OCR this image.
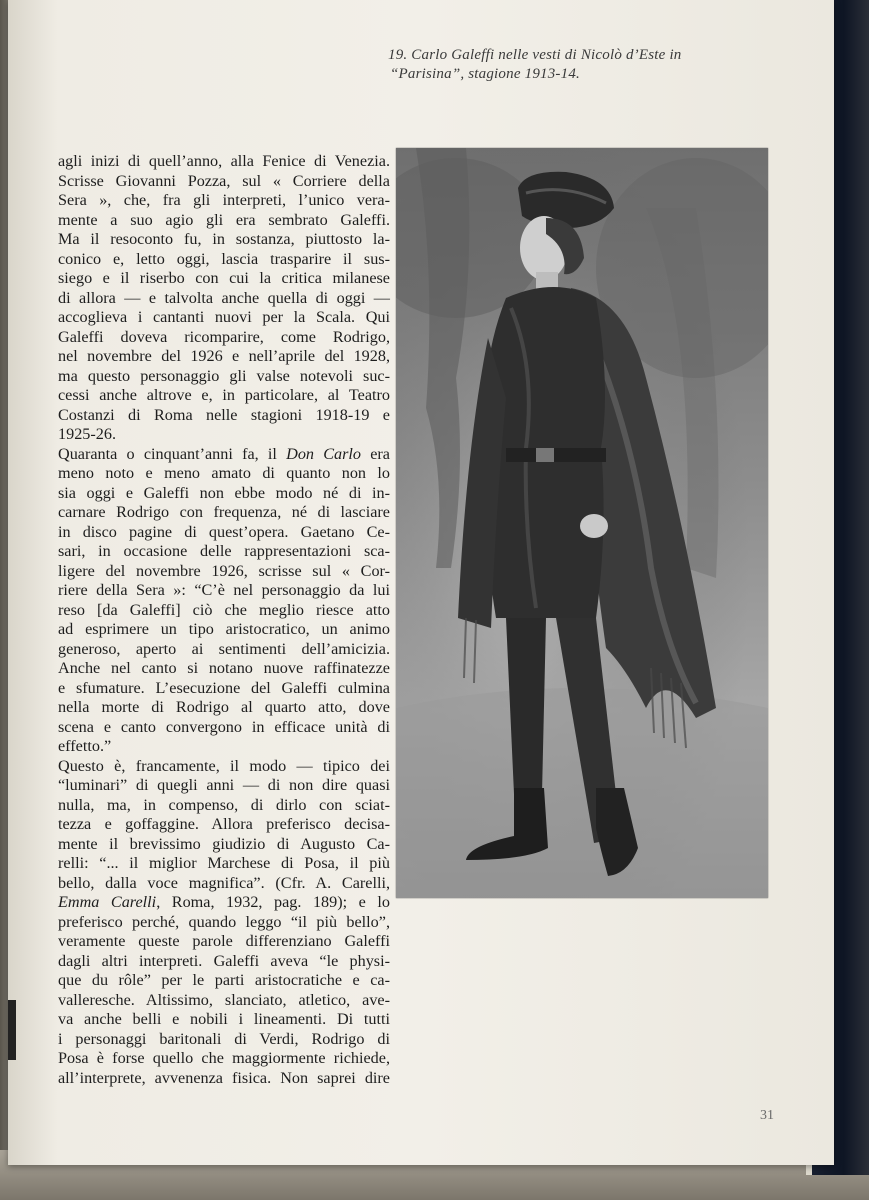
19. Carlo Galeffi nelle vesti di Nicolò d’Este in
“Parisina”, stagione 1913-14.
agli inizi di quell’anno, alla Fenice di Venezia.
Scrisse Giovanni Pozza, sul « Corriere della
Sera », che, fra gli interpreti, l’unico vera-
mente a suo agio gli era sembrato Galeffi.
Ma il resoconto fu, in sostanza, piuttosto la-
conico e, letto oggi, lascia trasparire il sus-
siego e il riserbo con cui la critica milanese
di allora — e talvolta anche quella di oggi —
accoglieva i cantanti nuovi per la Scala. Qui
Galeffi doveva ricomparire, come Rodrigo,
nel novembre del 1926 e nell’aprile del 1928,
ma questo personaggio gli valse notevoli suc-
cessi anche altrove e, in particolare, al Teatro
Costanzi di Roma nelle stagioni 1918-19 e
1925-26.
Quaranta o cinquant’anni fa, il Don Carlo era
meno noto e meno amato di quanto non lo
sia oggi e Galeffi non ebbe modo né di in-
carnare Rodrigo con frequenza, né di lasciare
in disco pagine di quest’opera. Gaetano Ce-
sari, in occasione delle rappresentazioni sca-
ligere del novembre 1926, scrisse sul « Cor-
riere della Sera »: “C’è nel personaggio da lui
reso [da Galeffi] ciò che meglio riesce atto
ad esprimere un tipo aristocratico, un animo
generoso, aperto ai sentimenti dell’amicizia.
Anche nel canto si notano nuove raffinatezze
e sfumature. L’esecuzione del Galeffi culmina
nella morte di Rodrigo al quarto atto, dove
scena e canto convergono in efficace unità di
effetto.”
Questo è, francamente, il modo — tipico dei
“luminari” di quegli anni — di non dire quasi
nulla, ma, in compenso, di dirlo con sciat-
tezza e goffaggine. Allora preferisco decisa-
mente il brevissimo giudizio di Augusto Ca-
relli: “... il miglior Marchese di Posa, il più
bello, dalla voce magnifica”. (Cfr. A. Carelli,
Emma Carelli, Roma, 1932, pag. 189); e lo
preferisco perché, quando leggo “il più bello”,
veramente queste parole differenziano Galeffi
dagli altri interpreti. Galeffi aveva “le physi-
que du rôle” per le parti aristocratiche e ca-
valleresche. Altissimo, slanciato, atletico, ave-
va anche belli e nobili i lineamenti. Di tutti
i personaggi baritonali di Verdi, Rodrigo di
Posa è forse quello che maggiormente richiede,
all’interprete, avvenenza fisica. Non saprei dire
31
